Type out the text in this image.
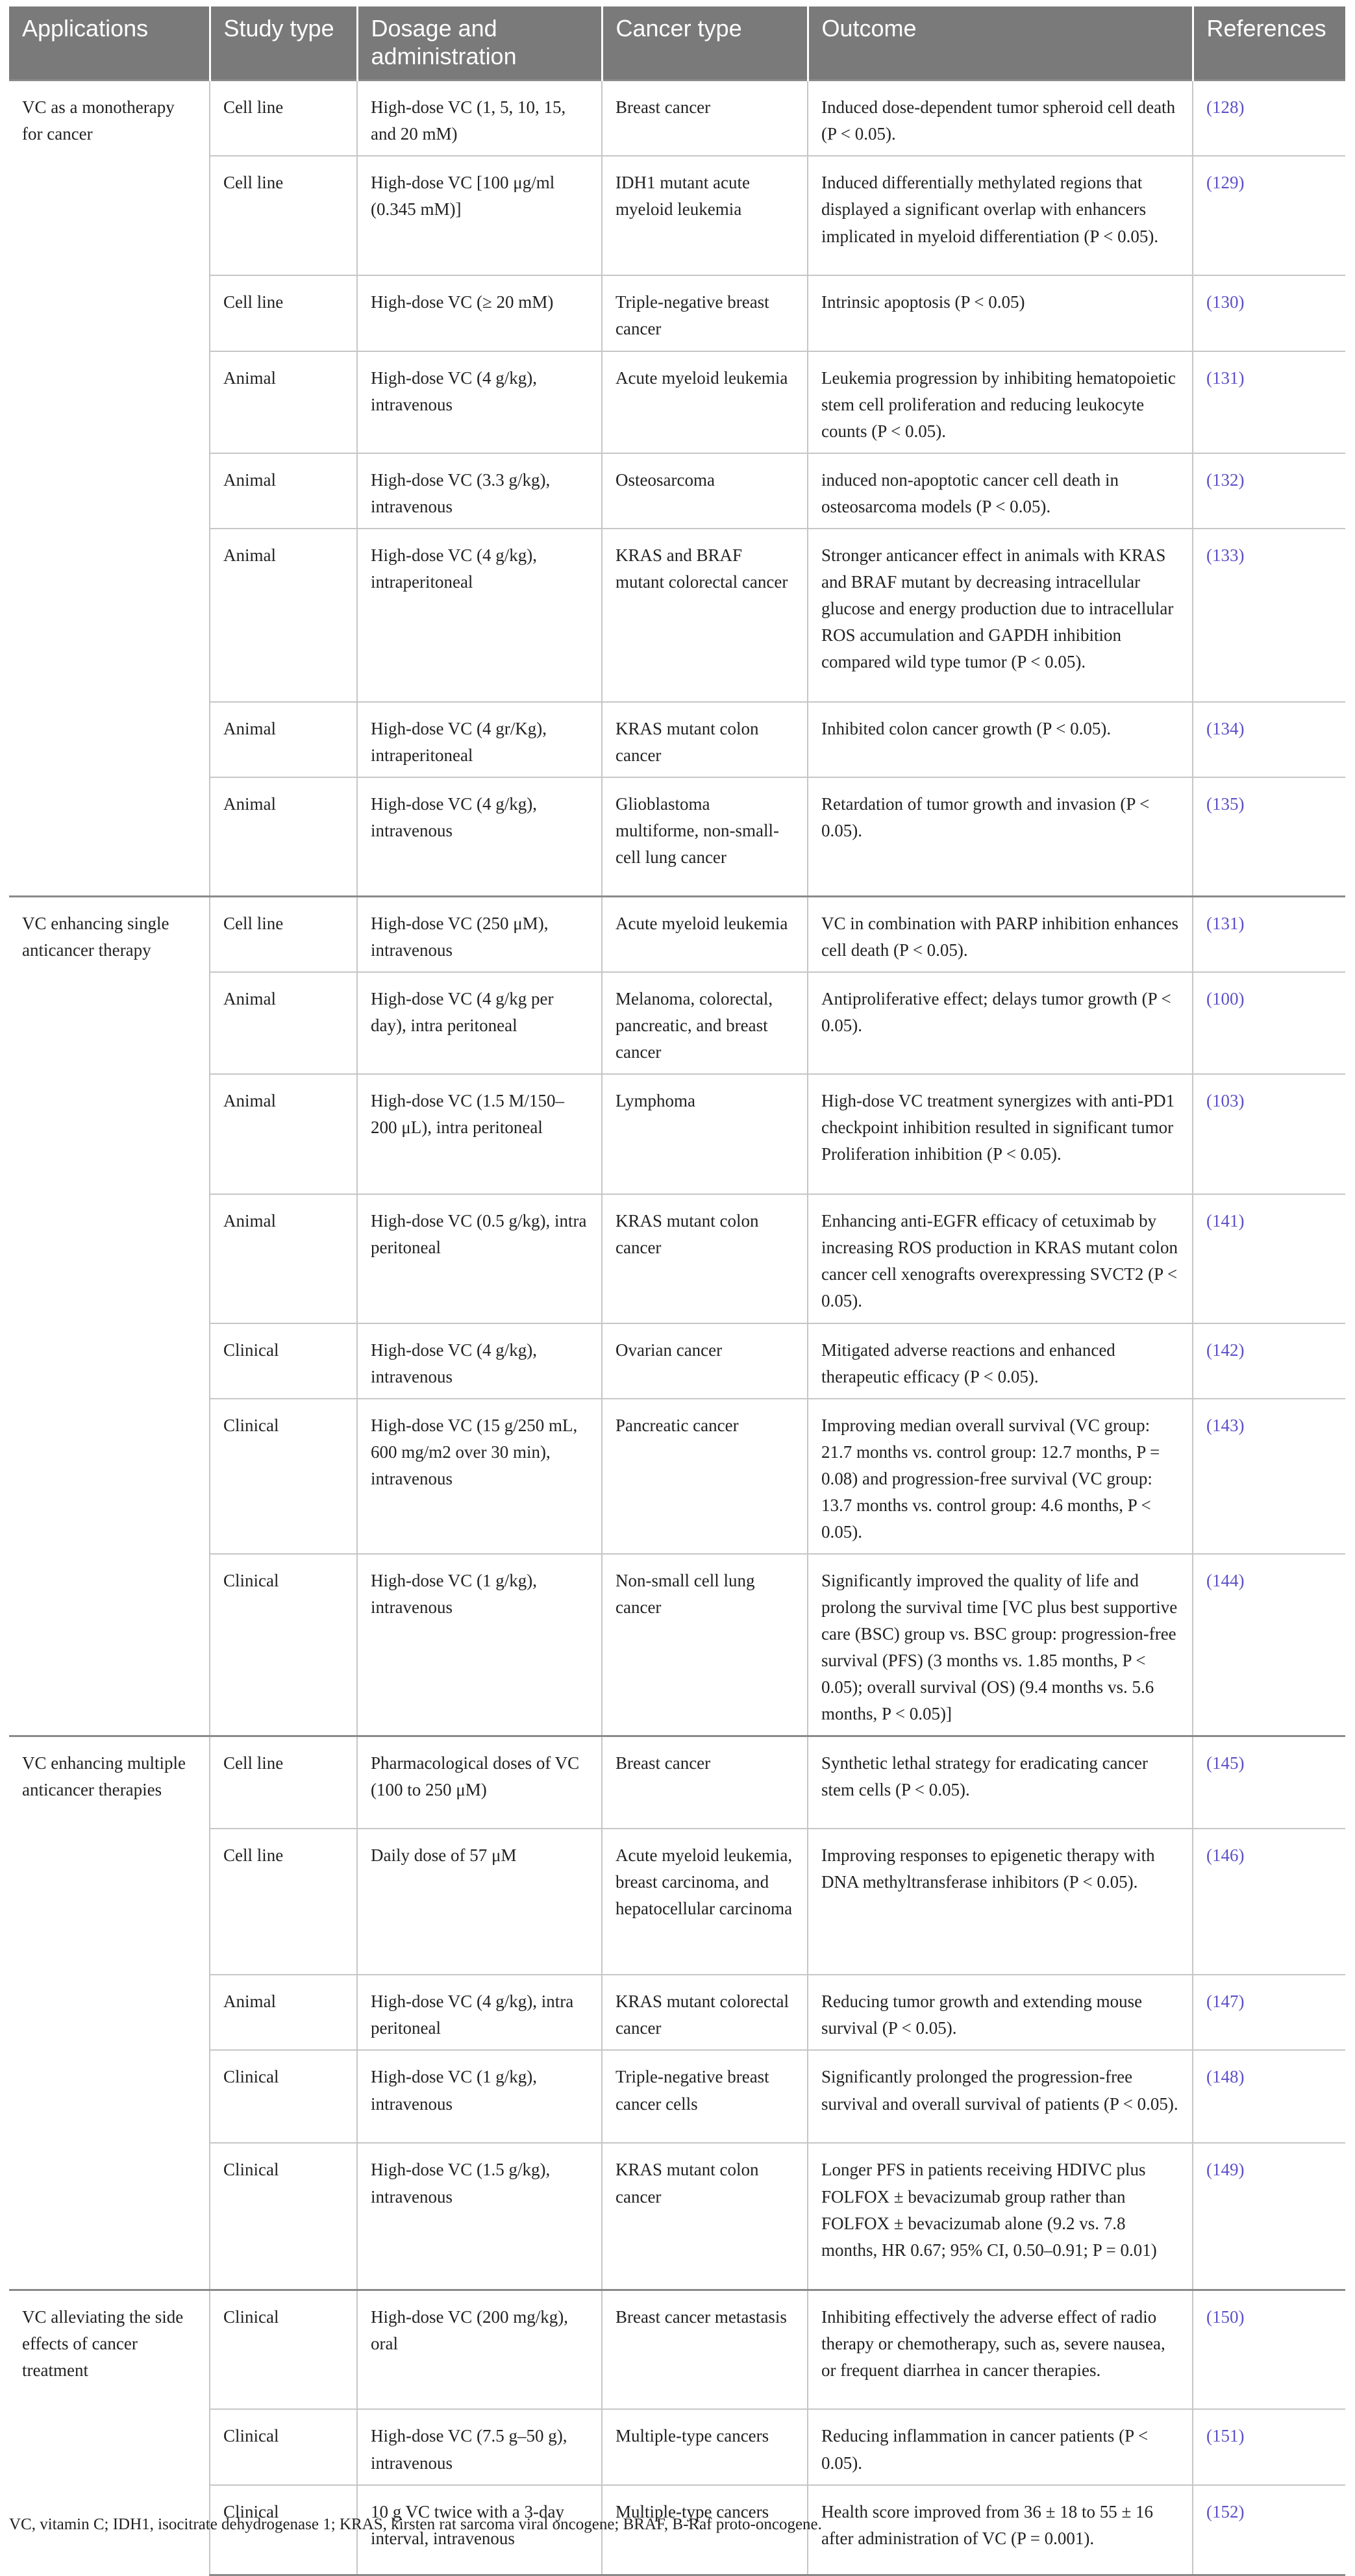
Applications	Study type	Dosage and administration	Cancer type	Outcome	References
VC as a monotherapy for cancer	Cell line	High-dose VC (1, 5, 10, 15, and 20 mM)	Breast cancer	Induced dose-dependent tumor spheroid cell death (P < 0.05).	(128)
	Cell line	High-dose VC [100 μg/ml (0.345 mM)]	IDH1 mutant acute myeloid leukemia	Induced differentially methylated regions that displayed a significant overlap with enhancers implicated in myeloid differentiation (P < 0.05).	(129)
	Cell line	High-dose VC (≥ 20 mM)	Triple-negative breast cancer	Intrinsic apoptosis (P < 0.05)	(130)
	Animal	High-dose VC (4 g/kg), intravenous	Acute myeloid leukemia	Leukemia progression by inhibiting hematopoietic stem cell proliferation and reducing leukocyte counts (P < 0.05).	(131)
	Animal	High-dose VC (3.3 g/kg), intravenous	Osteosarcoma	induced non-apoptotic cancer cell death in osteosarcoma models (P < 0.05).	(132)
	Animal	High-dose VC (4 g/kg), intraperitoneal	KRAS and BRAF mutant colorectal cancer	Stronger anticancer effect in animals with KRAS and BRAF mutant by decreasing intracellular glucose and energy production due to intracellular ROS accumulation and GAPDH inhibition compared wild type tumor (P < 0.05).	(133)
	Animal	High-dose VC (4 gr/Kg), intraperitoneal	KRAS mutant colon cancer	Inhibited colon cancer growth (P < 0.05).	(134)
	Animal	High-dose VC (4 g/kg), intravenous	Glioblastoma multiforme, non-small-cell lung cancer	Retardation of tumor growth and invasion (P < 0.05).	(135)
VC enhancing single anticancer therapy	Cell line	High-dose VC (250 μM), intravenous	Acute myeloid leukemia	VC in combination with PARP inhibition enhances cell death (P < 0.05).	(131)
	Animal	High-dose VC (4 g/kg per day), intra peritoneal	Melanoma, colorectal, pancreatic, and breast cancer	Antiproliferative effect; delays tumor growth (P < 0.05).	(100)
	Animal	High-dose VC (1.5 M/150–200 μL), intra peritoneal	Lymphoma	High-dose VC treatment synergizes with anti-PD1 checkpoint inhibition resulted in significant tumor Proliferation inhibition (P < 0.05).	(103)
	Animal	High-dose VC (0.5 g/kg), intra peritoneal	KRAS mutant colon cancer	Enhancing anti-EGFR efficacy of cetuximab by increasing ROS production in KRAS mutant colon cancer cell xenografts overexpressing SVCT2 (P < 0.05).	(141)
	Clinical	High-dose VC (4 g/kg), intravenous	Ovarian cancer	Mitigated adverse reactions and enhanced therapeutic efficacy (P < 0.05).	(142)
	Clinical	High-dose VC (15 g/250 mL, 600 mg/m2 over 30 min), intravenous	Pancreatic cancer	Improving median overall survival (VC group: 21.7 months vs. control group: 12.7 months, P = 0.08) and progression-free survival (VC group: 13.7 months vs. control group: 4.6 months, P < 0.05).	(143)
	Clinical	High-dose VC (1 g/kg), intravenous	Non-small cell lung cancer	Significantly improved the quality of life and prolong the survival time [VC plus best supportive care (BSC) group vs. BSC group: progression-free survival (PFS) (3 months vs. 1.85 months, P < 0.05); overall survival (OS) (9.4 months vs. 5.6 months, P < 0.05)]	(144)
VC enhancing multiple anticancer therapies	Cell line	Pharmacological doses of VC (100 to 250 μM)	Breast cancer	Synthetic lethal strategy for eradicating cancer stem cells (P < 0.05).	(145)
	Cell line	Daily dose of 57 μM	Acute myeloid leukemia, breast carcinoma, and hepatocellular carcinoma	Improving responses to epigenetic therapy with DNA methyltransferase inhibitors (P < 0.05).	(146)
	Animal	High-dose VC (4 g/kg), intra peritoneal	KRAS mutant colorectal cancer	Reducing tumor growth and extending mouse survival (P < 0.05).	(147)
	Clinical	High-dose VC (1 g/kg), intravenous	Triple-negative breast cancer cells	Significantly prolonged the progression-free survival and overall survival of patients (P < 0.05).	(148)
	Clinical	High-dose VC (1.5 g/kg), intravenous	KRAS mutant colon cancer	Longer PFS in patients receiving HDIVC plus FOLFOX ± bevacizumab group rather than FOLFOX ± bevacizumab alone (9.2 vs. 7.8 months, HR 0.67; 95% CI, 0.50–0.91; P = 0.01)	(149)
VC alleviating the side effects of cancer treatment	Clinical	High-dose VC (200 mg/kg), oral	Breast cancer metastasis	Inhibiting effectively the adverse effect of radio therapy or chemotherapy, such as, severe nausea, or frequent diarrhea in cancer therapies.	(150)
	Clinical	High-dose VC (7.5 g–50 g), intravenous	Multiple-type cancers	Reducing inflammation in cancer patients (P < 0.05).	(151)
	Clinical	10 g VC twice with a 3-day interval, intravenous	Multiple-type cancers	Health score improved from 36 ± 18 to 55 ± 16 after administration of VC (P = 0.001).	(152)
VC, vitamin C; IDH1, isocitrate dehydrogenase 1; KRAS, kirsten rat sarcoma viral oncogene; BRAF, B-Raf proto-oncogene.
